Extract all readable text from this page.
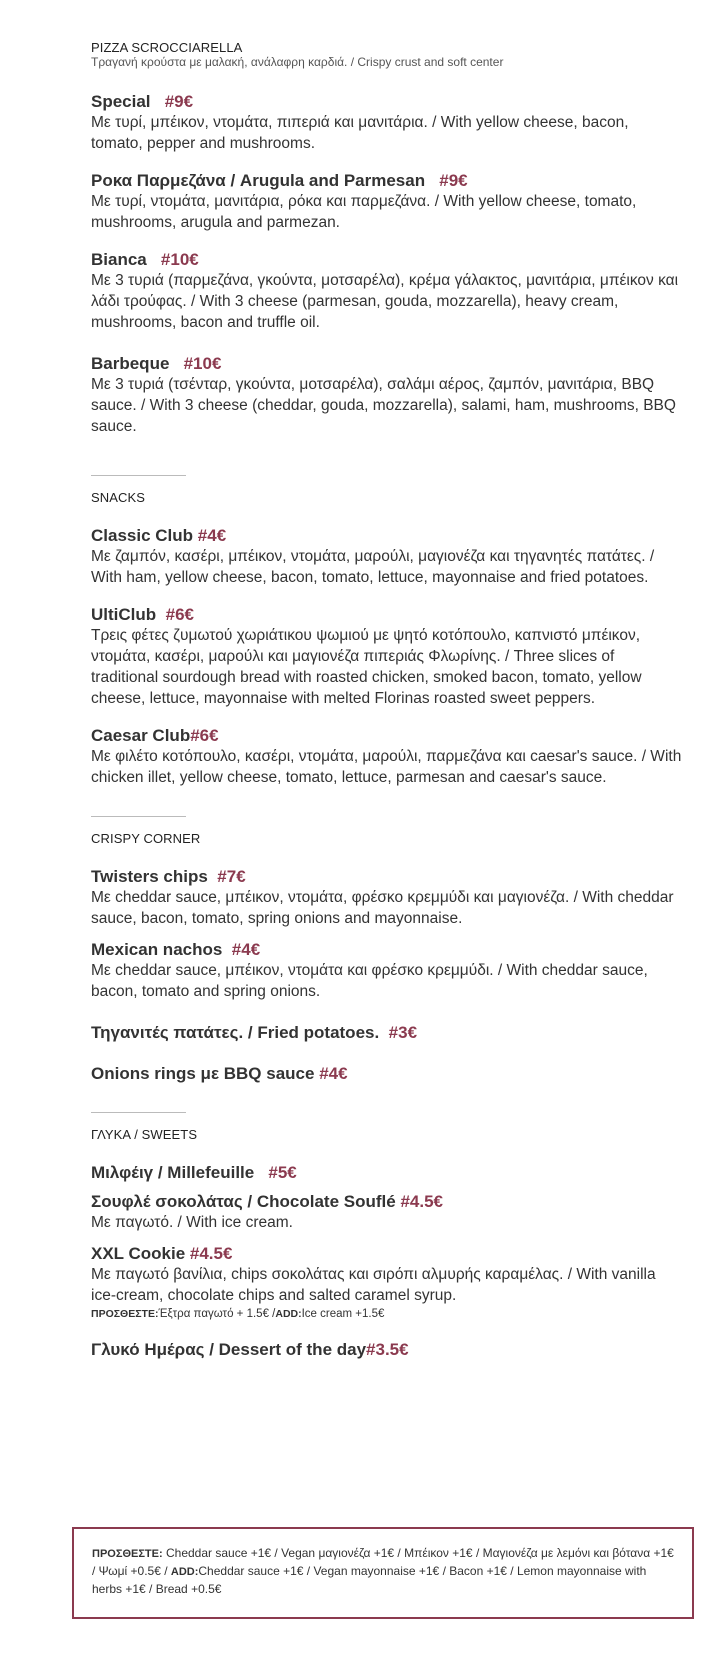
PIZZA SCROCCIARELLA
Τραγανή κρούστα με μαλακή, ανάλαφρη καρδιά. / Crispy crust and soft center
Special #9€
Με τυρί, μπέικον, ντομάτα, πιπεριά και μανιτάρια. / With yellow cheese, bacon, tomato, pepper and mushrooms.
Ροκα Παρμεζάνα / Arugula and Parmesan #9€
Με τυρί, ντομάτα, μανιτάρια, ρόκα και παρμεζάνα. / With yellow cheese, tomato, mushrooms, arugula and parmezan.
Bianca #10€
Με 3 τυριά (παρμεζάνα, γκούντα, μοτσαρέλα), κρέμα γάλακτος, μανιτάρια, μπέικον και λάδι τρούφας. / With 3 cheese (parmesan, gouda, mozzarella), heavy cream, mushrooms, bacon and truffle oil.
Barbeque #10€
Με 3 τυριά (τσένταρ, γκούντα, μοτσαρέλα), σαλάμι αέρος, ζαμπόν, μανιτάρια, BBQ sauce. / With 3 cheese (cheddar, gouda, mozzarella), salami, ham, mushrooms, BBQ sauce.
SNACKS
Classic Club #4€
Με ζαμπόν, κασέρι, μπέικον, ντομάτα, μαρούλι, μαγιονέζα και τηγανητές πατάτες. / With ham, yellow cheese, bacon, tomato, lettuce, mayonnaise and fried potatoes.
UltiClub #6€
Τρεις φέτες ζυμωτού χωριάτικου ψωμιού με ψητό κοτόπουλο, καπνιστό μπέικον, ντομάτα, κασέρι, μαρούλι και μαγιονέζα πιπεριάς Φλωρίνης. / Three slices of traditional sourdough bread with roasted chicken, smoked bacon, tomato, yellow cheese, lettuce, mayonnaise with melted Florinas roasted sweet peppers.
Caesar Club#6€
Με φιλέτο κοτόπουλο, κασέρι, ντομάτα, μαρούλι, παρμεζάνα και caesar's sauce. / With chicken illet, yellow cheese, tomato, lettuce, parmesan and caesar's sauce.
CRISPY CORNER
Twisters chips #7€
Με cheddar sauce, μπέικον, ντομάτα, φρέσκο κρεμμύδι και μαγιονέζα. / With cheddar sauce, bacon, tomato, spring onions and mayonnaise.
Mexican nachos #4€
Με cheddar sauce, μπέικον, ντομάτα και φρέσκο κρεμμύδι. / With cheddar sauce, bacon, tomato and spring onions.
Τηγανιτές πατάτες. / Fried potatoes. #3€
Onions rings με BBQ sauce #4€
ΓΛΥΚΑ / SWEETS
Μιλφέιγ / Millefeuille #5€
Σουφλέ σοκολάτας / Chocolate Souflé #4.5€
Με παγωτό. / With ice cream.
XXL Cookie #4.5€
Με παγωτό βανίλια, chips σοκολάτας και σιρόπι αλμυρής καραμέλας. / With vanilla ice-cream, chocolate chips and salted caramel syrup.
ΠΡΟΣΘΕΣΤΕ:Έξτρα παγωτό + 1.5€ /ADD:Ice cream +1.5€
Γλυκό Ημέρας / Dessert of the day#3.5€
ΠΡΟΣΘΕΣΤΕ: Cheddar sauce +1€ / Vegan μαγιονέζα +1€ / Μπέικον +1€ / Μαγιονέζα με λεμόνι και βότανα +1€ / Ψωμί +0.5€ / ADD:Cheddar sauce +1€ / Vegan mayonnaise +1€ / Bacon +1€ / Lemon mayonnaise with herbs +1€ / Bread +0.5€
